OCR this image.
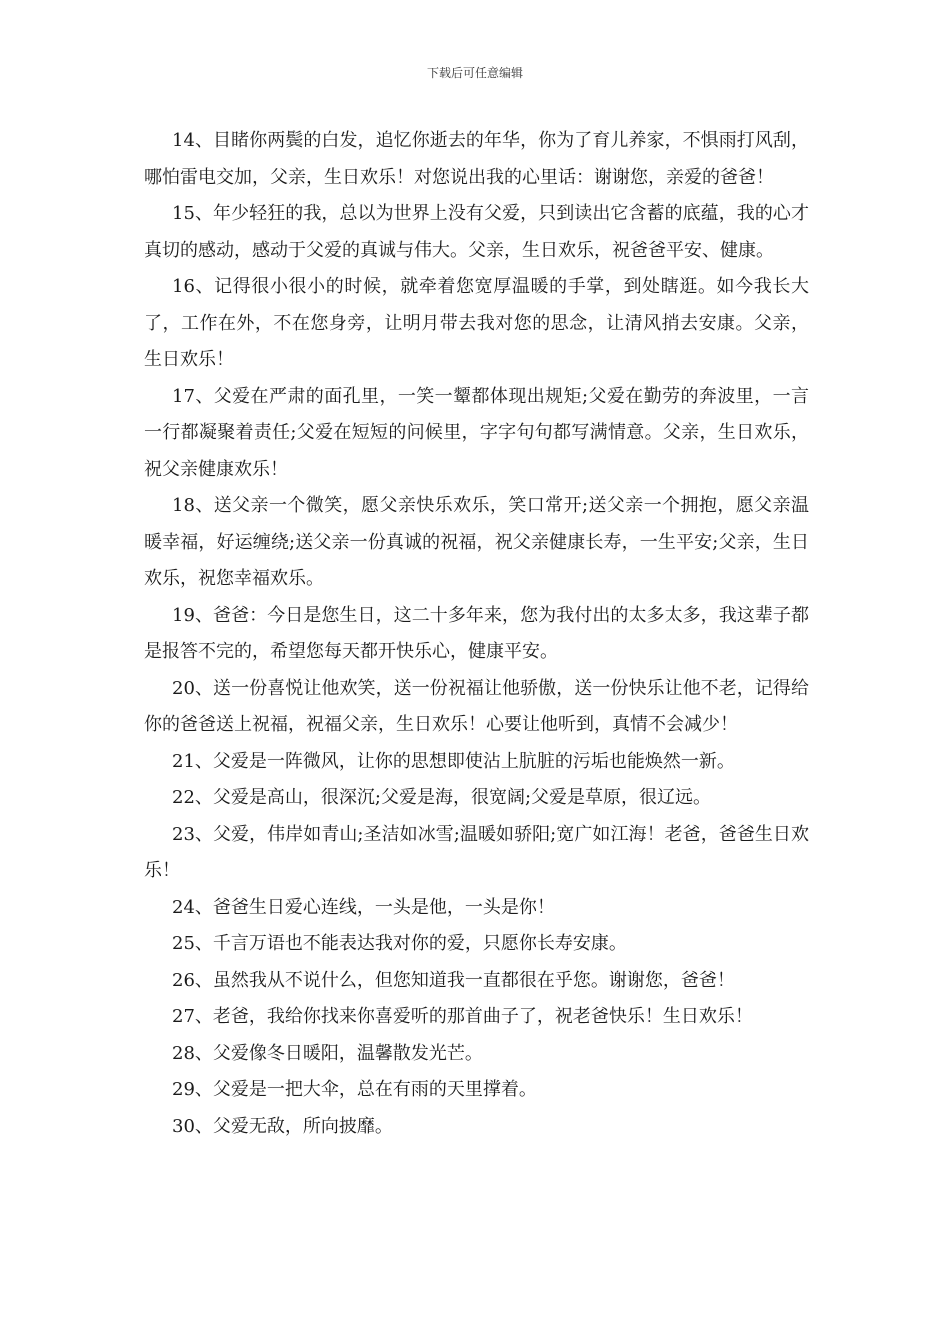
下载后可任意编辑

14、目睹你两鬓的白发，追忆你逝去的年华，你为了育儿养家，不惧雨打风刮，哪怕雷电交加，父亲，生日欢乐！对您说出我的心里话：谢谢您，亲爱的爸爸！

15、年少轻狂的我，总以为世界上没有父爱，只到读出它含蓄的底蕴，我的心才真切的感动，感动于父爱的真诚与伟大。父亲，生日欢乐，祝爸爸平安、健康。

16、记得很小很小的时候，就牵着您宽厚温暖的手掌，到处瞎逛。如今我长大了，工作在外，不在您身旁，让明月带去我对您的思念，让清风捎去安康。父亲，生日欢乐！

17、父爱在严肃的面孔里，一笑一颦都体现出规矩;父爱在勤劳的奔波里，一言一行都凝聚着责任;父爱在短短的问候里，字字句句都写满情意。父亲，生日欢乐，祝父亲健康欢乐！

18、送父亲一个微笑，愿父亲快乐欢乐，笑口常开;送父亲一个拥抱，愿父亲温暖幸福，好运缠绕;送父亲一份真诚的祝福，祝父亲健康长寿，一生平安;父亲，生日欢乐，祝您幸福欢乐。

19、爸爸：今日是您生日，这二十多年来，您为我付出的太多太多，我这辈子都是报答不完的，希望您每天都开快乐心，健康平安。

20、送一份喜悦让他欢笑，送一份祝福让他骄傲，送一份快乐让他不老，记得给你的爸爸送上祝福，祝福父亲，生日欢乐！心要让他听到，真情不会减少！

21、父爱是一阵微风，让你的思想即使沾上肮脏的污垢也能焕然一新。

22、父爱是高山，很深沉;父爱是海，很宽阔;父爱是草原，很辽远。

23、父爱，伟岸如青山;圣洁如冰雪;温暖如骄阳;宽广如江海！老爸，爸爸生日欢乐！

24、爸爸生日爱心连线，一头是他，一头是你！

25、千言万语也不能表达我对你的爱，只愿你长寿安康。

26、虽然我从不说什么，但您知道我一直都很在乎您。谢谢您，爸爸！

27、老爸，我给你找来你喜爱听的那首曲子了，祝老爸快乐！生日欢乐！

28、父爱像冬日暖阳，温馨散发光芒。

29、父爱是一把大伞，总在有雨的天里撑着。

30、父爱无敌，所向披靡。
